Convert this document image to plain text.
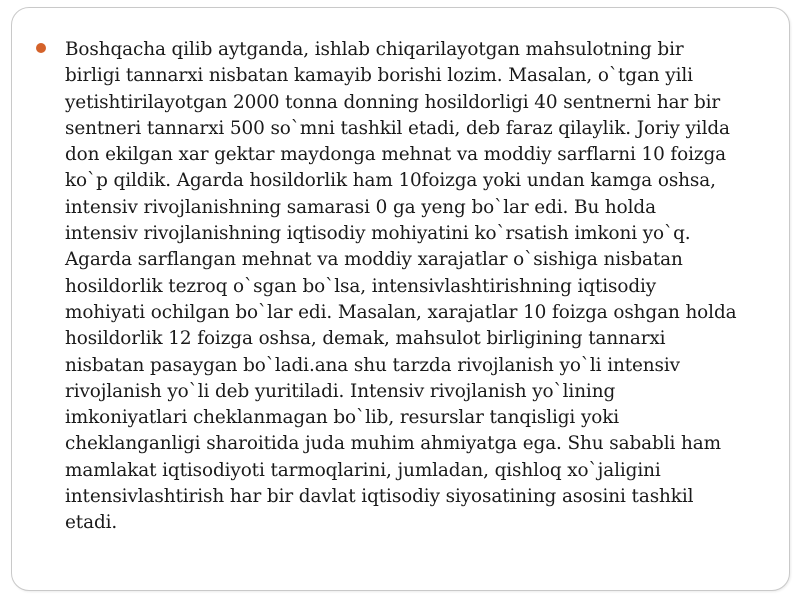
Boshqacha qilib aytganda, ishlab chiqarilayotgan mahsulotning bir
birligi tannarxi nisbatan kamayib borishi lozim. Masalan, o`tgan yili
yetishtirilayotgan 2000 tonna donning hosildorligi 40 sentnerni har bir
sentneri tannarxi 500 so`mni tashkil etadi, deb faraz qilaylik. Joriy yilda
don ekilgan xar gektar maydonga mehnat va moddiy sarflarni 10 foizga
ko`p qildik. Agarda hosildorlik ham 10foizga yoki undan kamga oshsa,
intensiv rivojlanishning samarasi 0 ga yeng bo`lar edi. Bu holda
intensiv rivojlanishning iqtisodiy mohiyatini ko`rsatish imkoni yo`q.
Agarda sarflangan mehnat va moddiy xarajatlar o`sishiga nisbatan
hosildorlik tezroq o`sgan bo`lsa, intensivlashtirishning iqtisodiy
mohiyati ochilgan bo`lar edi. Masalan, xarajatlar 10 foizga oshgan holda
hosildorlik 12 foizga oshsa, demak, mahsulot birligining tannarxi
nisbatan pasaygan bo`ladi.ana shu tarzda rivojlanish yo`li intensiv
rivojlanish yo`li deb yuritiladi. Intensiv rivojlanish yo`lining
imkoniyatlari cheklanmagan bo`lib, resurslar tanqisligi yoki
cheklanganligi sharoitida juda muhim ahmiyatga ega. Shu sababli ham
mamlakat iqtisodiyoti tarmoqlarini, jumladan, qishloq xo`jaligini
intensivlashtirish har bir davlat iqtisodiy siyosatining asosini tashkil
etadi.
